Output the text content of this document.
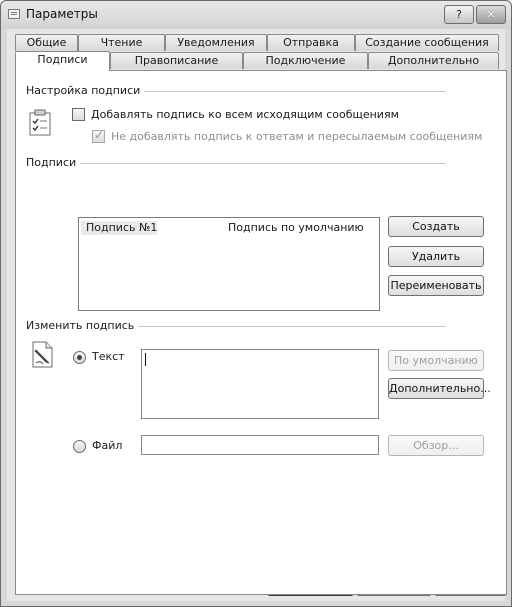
Параметры	?	✕
Общие	Чтение	Уведомления	Отправка	Создание сообщения
Подписи	Правописание	Подключение	Дополнительно
Настройка подписи
Добавлять подпись ко всем исходящим сообщениям
✓
Не добавлять подпись к ответам и пересылаемым сообщениям
Подписи
Подпись №1	Подпись по умолчанию	Создать
Удалить
Переименовать
Изменить подпись
Текст	По умолчанию
Дополнительно...
Файл	Обзор...
